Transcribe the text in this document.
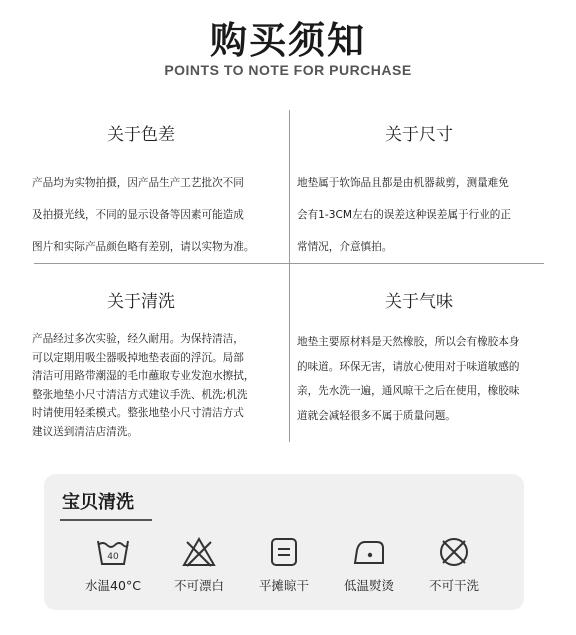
购买须知
POINTS TO NOTE FOR PURCHASE
关于色差
产品均为实物拍摄，因产品生产工艺批次不同
及拍摄光线，不同的显示设备等因素可能造成
图片和实际产品颜色略有差别，请以实物为准。
关于尺寸
地垫属于软饰品且都是由机器裁剪，测量难免
会有1-3CM左右的误差这种误差属于行业的正
常情况，介意慎拍。
关于清洗
产品经过多次实验，经久耐用。为保持清洁，
可以定期用吸尘器吸掉地垫表面的浮沉。局部
清洁可用路带潮湿的毛巾蘸取专业发泡水擦拭，
整张地垫小尺寸清洁方式建议手洗、机洗;机洗
时请使用轻柔模式。整张地垫小尺寸清洁方式
建议送到清洁店清洗。
关于气味
地垫主要原材料是天然橡胶，所以会有橡胶本身
的味道。环保无害，请放心使用对于味道敏感的
亲，先水洗一遍，通风晾干之后在使用，橡胶味
道就会减轻很多不属于质量问题。
宝贝清洗
40
水温40°C	不可漂白	平摊晾干	低温熨烫	不可干洗
